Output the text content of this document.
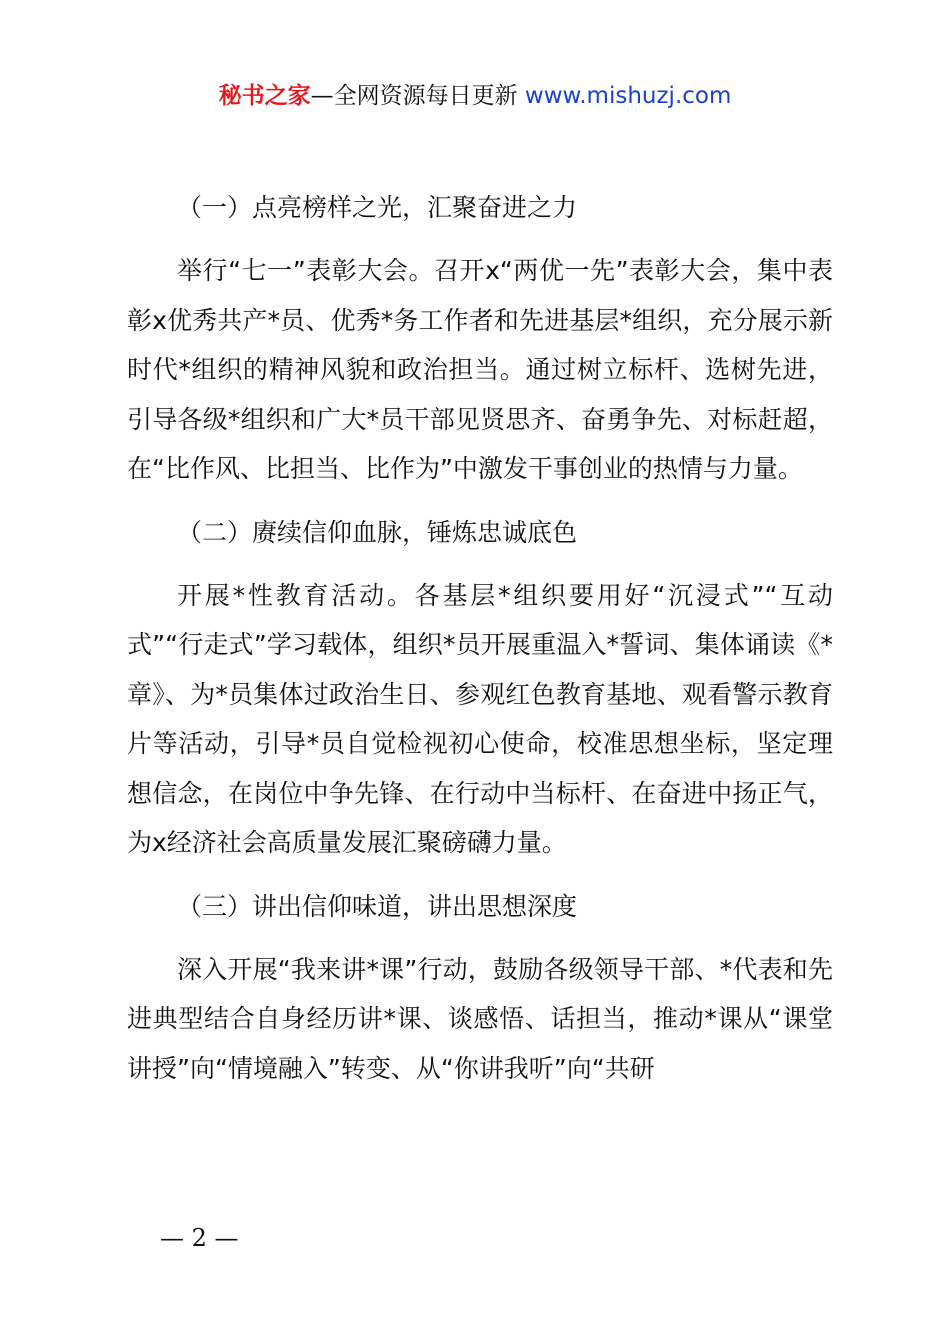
秘书之家—全网资源每日更新 www.mishuzj.com

（一）点亮榜样之光，汇聚奋进之力

举行“七一”表彰大会。召开x“两优一先”表彰大会，集中表彰x优秀共产*员、优秀*务工作者和先进基层*组织，充分展示新时代*组织的精神风貌和政治担当。通过树立标杆、选树先进，引导各级*组织和广大*员干部见贤思齐、奋勇争先、对标赶超，在“比作风、比担当、比作为”中激发干事创业的热情与力量。

（二）赓续信仰血脉，锤炼忠诚底色

开展*性教育活动。各基层*组织要用好“沉浸式”“互动式”“行走式”学习载体，组织*员开展重温入*誓词、集体诵读《*章》、为*员集体过政治生日、参观红色教育基地、观看警示教育片等活动，引导*员自觉检视初心使命，校准思想坐标，坚定理想信念，在岗位中争先锋、在行动中当标杆、在奋进中扬正气，为x经济社会高质量发展汇聚磅礴力量。

（三）讲出信仰味道，讲出思想深度

深入开展“我来讲*课”行动，鼓励各级领导干部、*代表和先进典型结合自身经历讲*课、谈感悟、话担当，推动*课从“课堂讲授”向“情境融入”转变、从“你讲我听”向“共研

— 2 —
